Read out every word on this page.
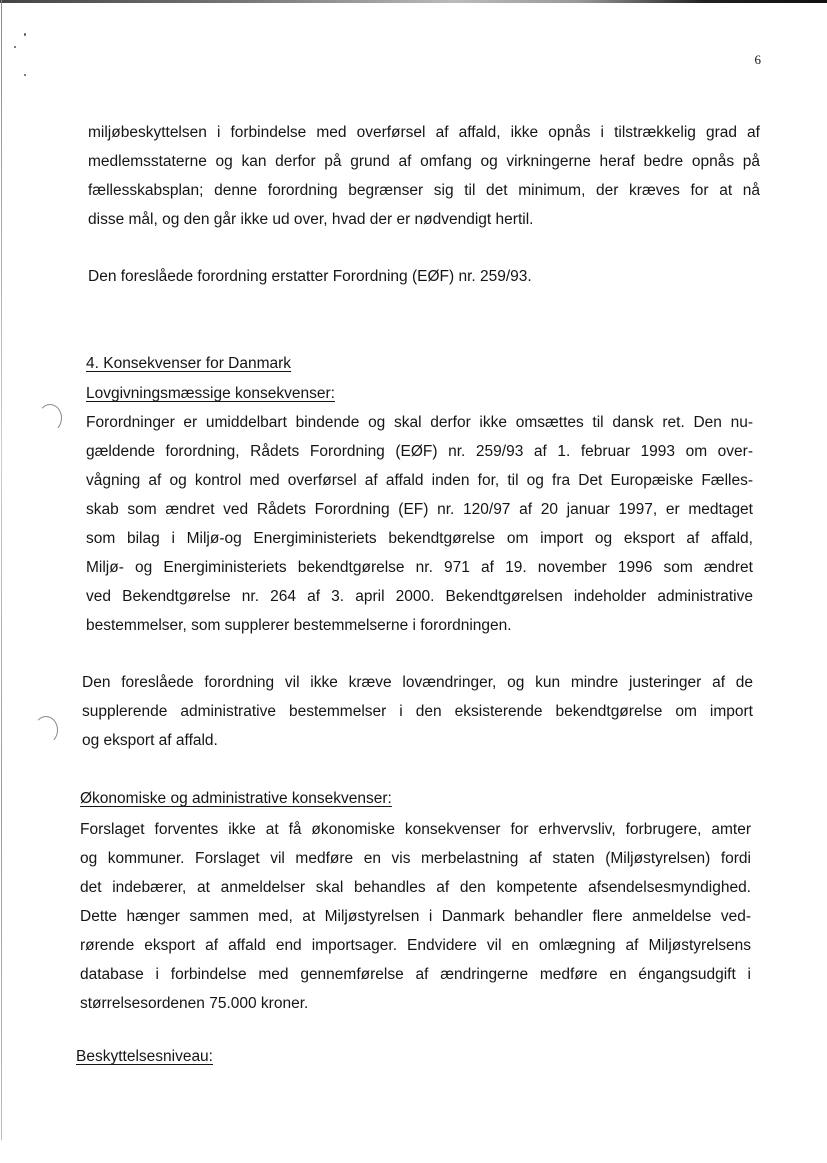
6
miljøbeskyttelsen i forbindelse med overførsel af affald, ikke opnås i tilstrækkelig grad af
medlemsstaterne og kan derfor på grund af omfang og virkningerne heraf bedre opnås på
fællesskabsplan; denne forordning begrænser sig til det minimum, der kræves for at nå
disse mål, og den går ikke ud over, hvad der er nødvendigt hertil.
Den foreslåede forordning erstatter Forordning (EØF) nr. 259/93.
4. Konsekvenser for Danmark
Lovgivningsmæssige konsekvenser:
Forordninger er umiddelbart bindende og skal derfor ikke omsættes til dansk ret. Den nu-
gældende forordning, Rådets Forordning (EØF) nr. 259/93 af 1. februar 1993 om over-
vågning af og kontrol med overførsel af affald inden for, til og fra Det Europæiske Fælles-
skab som ændret ved Rådets Forordning (EF) nr. 120/97 af 20 januar 1997, er medtaget
som bilag i Miljø-og Energiministeriets bekendtgørelse om import og eksport af affald,
Miljø- og Energiministeriets bekendtgørelse nr. 971 af 19. november 1996 som ændret
ved Bekendtgørelse nr. 264 af 3. april 2000. Bekendtgørelsen indeholder administrative
bestemmelser, som supplerer bestemmelserne i forordningen.
Den foreslåede forordning vil ikke kræve lovændringer, og kun mindre justeringer af de
supplerende administrative bestemmelser i den eksisterende bekendtgørelse om import
og eksport af affald.
Økonomiske og administrative konsekvenser:
Forslaget forventes ikke at få økonomiske konsekvenser for erhvervsliv, forbrugere, amter
og kommuner. Forslaget vil medføre en vis merbelastning af staten (Miljøstyrelsen) fordi
det indebærer, at anmeldelser skal behandles af den kompetente afsendelsesmyndighed.
Dette hænger sammen med, at Miljøstyrelsen i Danmark behandler flere anmeldelse ved-
rørende eksport af affald end importsager. Endvidere vil en omlægning af Miljøstyrelsens
database i forbindelse med gennemførelse af ændringerne medføre en éngangsudgift i
størrelsesordenen 75.000 kroner.
Beskyttelsesniveau:
